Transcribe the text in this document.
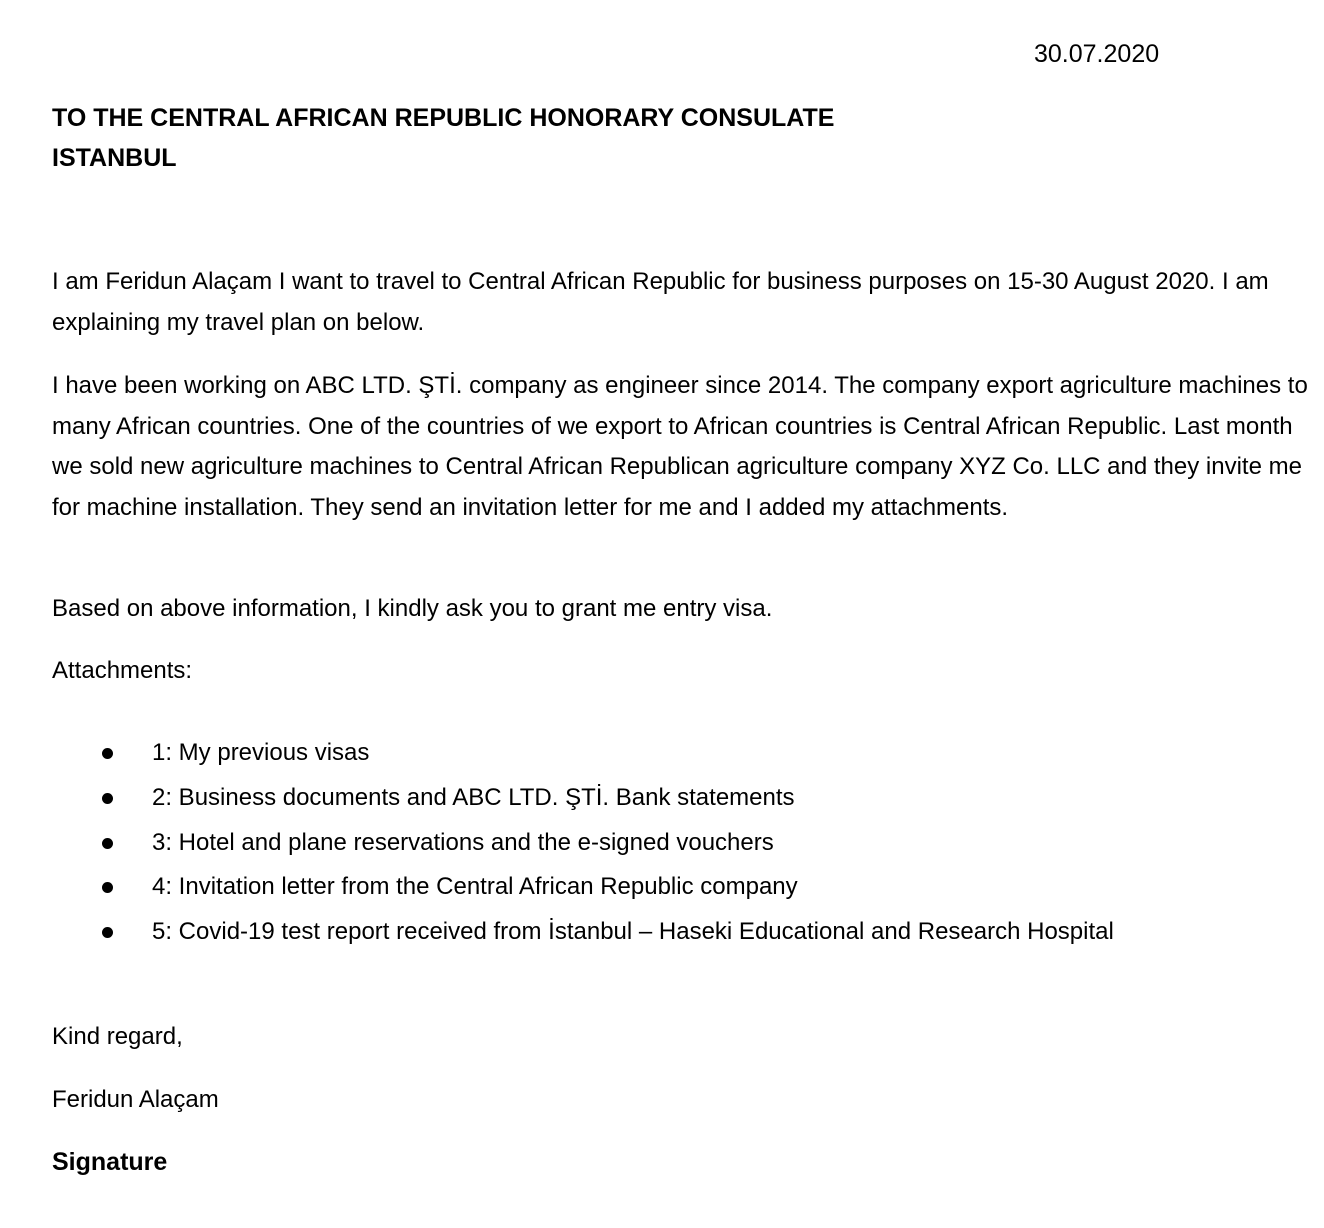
30.07.2020
TO THE CENTRAL AFRICAN REPUBLIC HONORARY CONSULATE
ISTANBUL

I am Feridun Alaçam I want to travel to Central African Republic for business purposes on 15-30 August 2020. I am explaining my travel plan on below.

I have been working on ABC LTD. ŞTİ. company as engineer since 2014. The company export agriculture machines to many African countries. One of the countries of we export to African countries is Central African Republic. Last month we sold new agriculture machines to Central African Republican agriculture company XYZ Co. LLC and they invite me for machine installation. They send an invitation letter for me and I added my attachments.

Based on above information, I kindly ask you to grant me entry visa.

Attachments:

1: My previous visas
2: Business documents and ABC LTD. ŞTİ. Bank statements
3: Hotel and plane reservations and the e-signed vouchers
4: Invitation letter from the Central African Republic company
5: Covid-19 test report received from İstanbul – Haseki Educational and Research Hospital

Kind regard,

Feridun Alaçam

Signature
